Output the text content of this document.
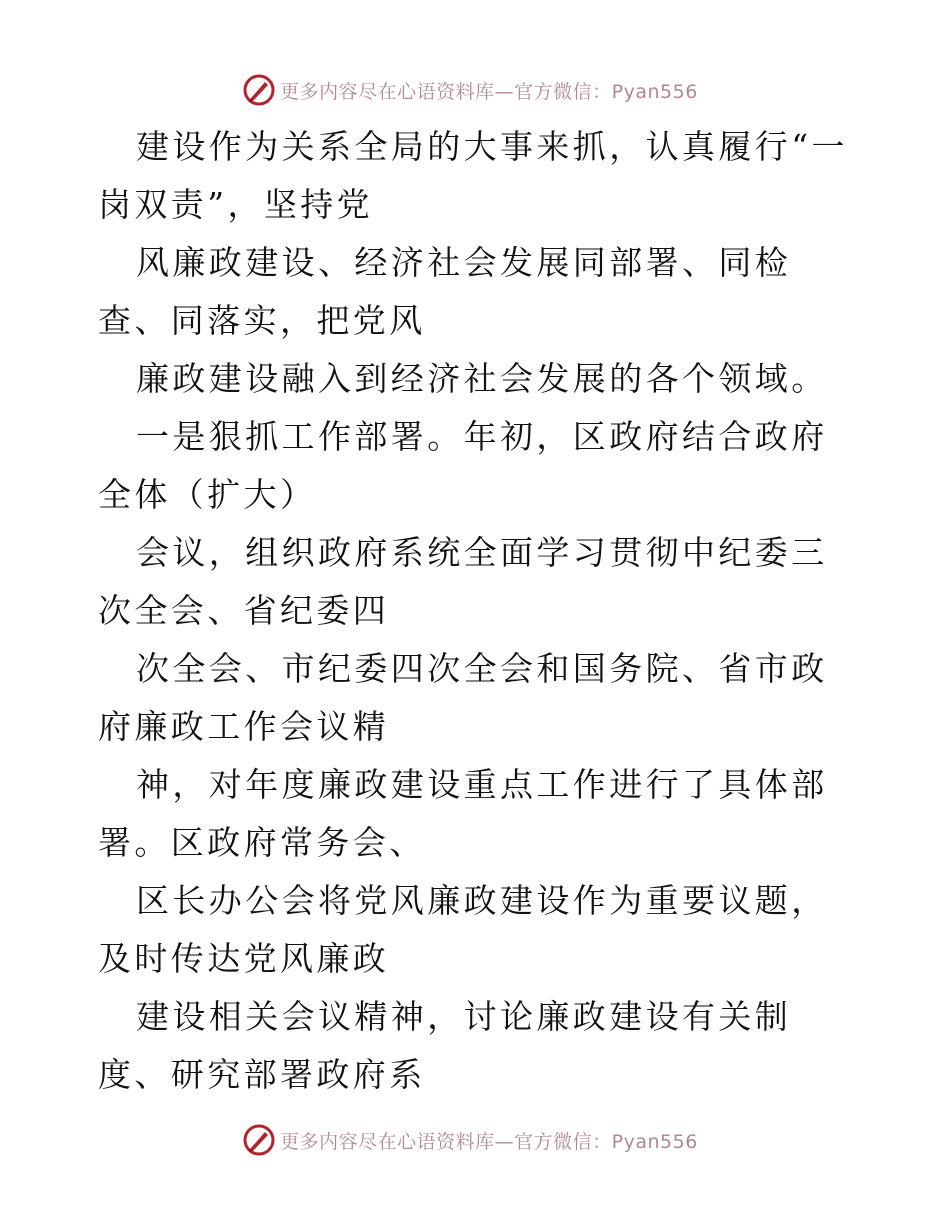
更多内容尽在心语资料库—官方微信：Pyan556

建设作为关系全局的大事来抓，认真履行“一岗双责”，坚持党

风廉政建设、经济社会发展同部署、同检查、同落实，把党风

廉政建设融入到经济社会发展的各个领域。

一是狠抓工作部署。年初，区政府结合政府全体（扩大）

会议，组织政府系统全面学习贯彻中纪委三次全会、省纪委四

次全会、市纪委四次全会和国务院、省市政府廉政工作会议精

神，对年度廉政建设重点工作进行了具体部署。区政府常务会、

区长办公会将党风廉政建设作为重要议题，及时传达党风廉政

建设相关会议精神，讨论廉政建设有关制度、研究部署政府系

更多内容尽在心语资料库—官方微信：Pyan556
